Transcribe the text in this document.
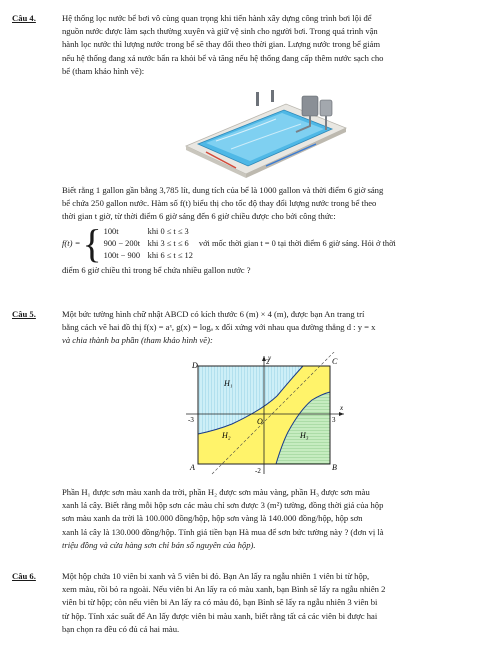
Câu 4.	Hệ thống lọc nước bể bơi vô cùng quan trọng khi tiến hành xây dựng công trình bơi lội để
nguồn nước được làm sạch thường xuyên và giữ vệ sinh cho người bơi. Trong quá trình vận
hành lọc nước thì lượng nước trong bể sẽ thay đổi theo thời gian. Lượng nước trong bể giảm
nếu hệ thống đang xả nước bẩn ra khỏi bể và tăng nếu hệ thống đang cấp thêm nước sạch cho
bể (tham khảo hình vẽ):
Biết rằng 1 gallon gần bằng 3,785 lít, dung tích của bể là 1000 gallon và thời điểm 6 giờ sáng
bể chứa 250 gallon nước. Hàm số f(t) biểu thị cho tốc độ thay đổi lượng nước trong bể theo
thời gian t giờ, từ thời điểm 6 giờ sáng đến 6 giờ chiều được cho bởi công thức:
f(t) = { 100t	khi 0 ≤ t ≤ 3
900 − 200t khi 3 ≤ t ≤ 6
100t − 900 khi 6 ≤ t ≤ 12
với mốc thời gian t = 0 tại thời điểm 6 giờ sáng. Hỏi ở thời
điểm 6 giờ chiều thì trong bể chứa nhiều gallon nước ?
Câu 5.	Một bức tường hình chữ nhật ABCD có kích thước 6 (m) × 4 (m), được bạn An trang trí
bằng cách vẽ hai đồ thị f(x) = aˣ, g(x) = logₐ x đối xứng với nhau qua đường thẳng d : y = x
và chia thành ba phần (tham khảo hình vẽ):
D	C
A	B
O
x
y
2
-2
-3	3
H₁
H₂	H₃
Phần H₁ được sơn màu xanh da trời, phần H₂ được sơn màu vàng, phần H₃ được sơn màu
xanh lá cây. Biết rằng mỗi hộp sơn các màu chỉ sơn được 3 (m²) tường, đồng thời giá của hộp
sơn màu xanh da trời là 100.000 đồng/hộp, hộp sơn vàng là 140.000 đồng/hộp, hộp sơn
xanh lá cây là 130.000 đồng/hộp. Tính giá tiền bạn Hà mua để sơn bức tường này ? (đơn vị là
triệu đồng và cửa hàng sơn chỉ bán số nguyên của hộp).
Câu 6.	Một hộp chứa 10 viên bi xanh và 5 viên bi đỏ. Bạn An lấy ra ngẫu nhiên 1 viên bi từ hộp,
xem màu, rồi bỏ ra ngoài. Nếu viên bi An lấy ra có màu xanh, bạn Bình sẽ lấy ra ngẫu nhiên 2
viên bi từ hộp; còn nếu viên bi An lấy ra có màu đỏ, bạn Bình sẽ lấy ra ngẫu nhiên 3 viên bi
từ hộp. Tính xác suất để An lấy được viên bi màu xanh, biết rằng tất cả các viên bi được hai
bạn chọn ra đều có đủ cả hai màu.
